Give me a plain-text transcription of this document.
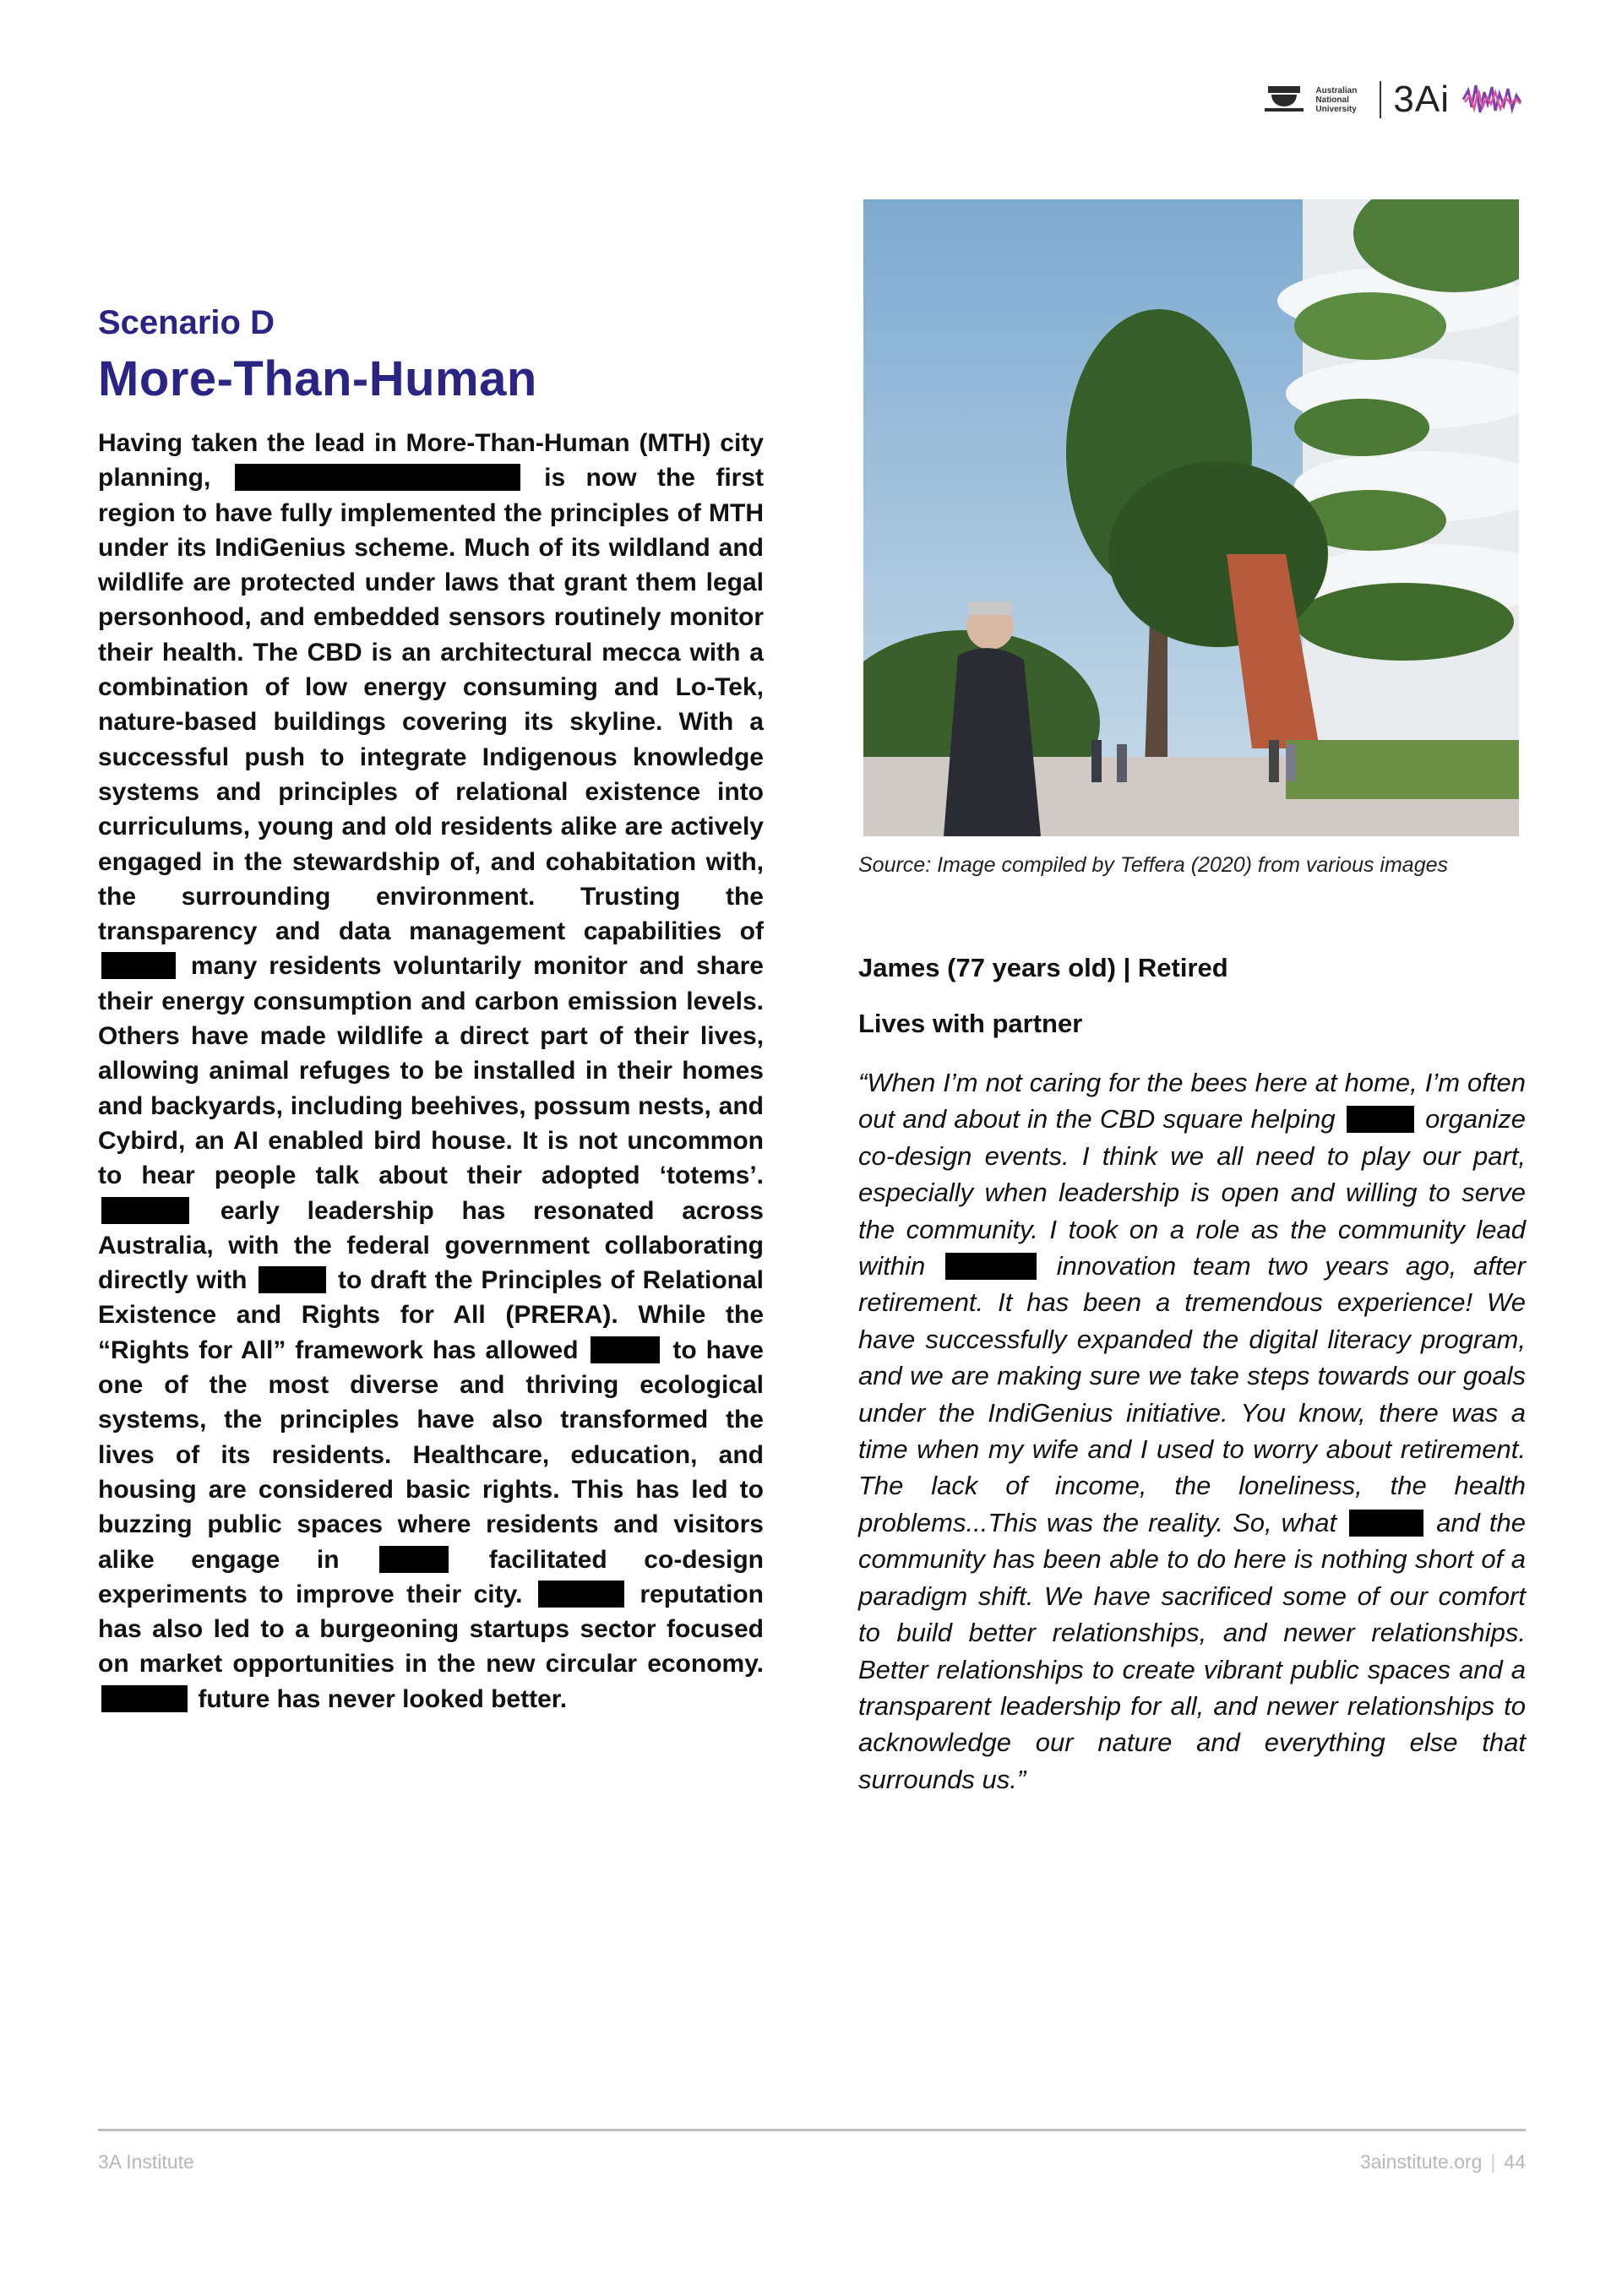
Australian
National
University 3Ai
Scenario D
More-Than-Human

Having taken the lead in More-Than-Human (MTH) city planning,	is now the first region to have fully implemented the principles of MTH under its IndiGenius scheme. Much of its wildland and wildlife are protected under laws that grant them legal personhood, and embedded sensors routinely monitor their health. The CBD is an architectural mecca with a combination of low energy consuming and Lo-Tek, nature-based buildings covering its skyline. With a successful push to integrate Indigenous knowledge systems and principles of relational existence into curriculums, young and old residents alike are actively engaged in the stewardship of, and cohabitation with, the surrounding environment. Trusting the transparency and data management capabilities of  many residents voluntarily monitor and share their energy consumption and carbon emission levels. Others have made wildlife a direct part of their lives, allowing animal refuges to be installed in their homes and backyards, including beehives, possum nests, and Cybird, an AI enabled bird house. It is not uncommon to hear people talk about their adopted ‘totems’.  early leadership has resonated across Australia, with the federal government collaborating directly with	to draft the Principles of Relational Existence and Rights for All (PRERA). While the “Rights for All” framework has allowed	to have one of the most diverse and thriving ecological systems, the principles have also transformed the lives of its residents. Healthcare, education, and housing are considered basic rights. This has led to buzzing public spaces where residents and visitors alike engage in	facilitated co-design experiments to improve their city.	reputation has also led to a burgeoning startups sector focused on market opportunities in the new circular economy.  future has never looked better.

Source: Image compiled by Teffera (2020) from various images
James (77 years old) | Retired
Lives with partner

“When I’m not caring for the bees here at home, I’m often out and about in the CBD square helping	organize co-design events. I think we all need to play our part, especially when leadership is open and willing to serve the community. I took on a role as the community lead within	innovation team two years ago, after retirement. It has been a tremendous experience! We have successfully expanded the digital literacy program, and we are making sure we take steps towards our goals under the IndiGenius initiative. You know, there was a time when my wife and I used to worry about retirement. The lack of income, the loneliness, the health problems...This was the reality. So, what	and the community has been able to do here is nothing short of a paradigm shift. We have sacrificed some of our comfort to build better relationships, and newer relationships. Better relationships to create vibrant public spaces and a transparent leadership for all, and newer relationships to acknowledge our nature and everything else that surrounds us.”

3A Institute	3ainstitute.org | 44
